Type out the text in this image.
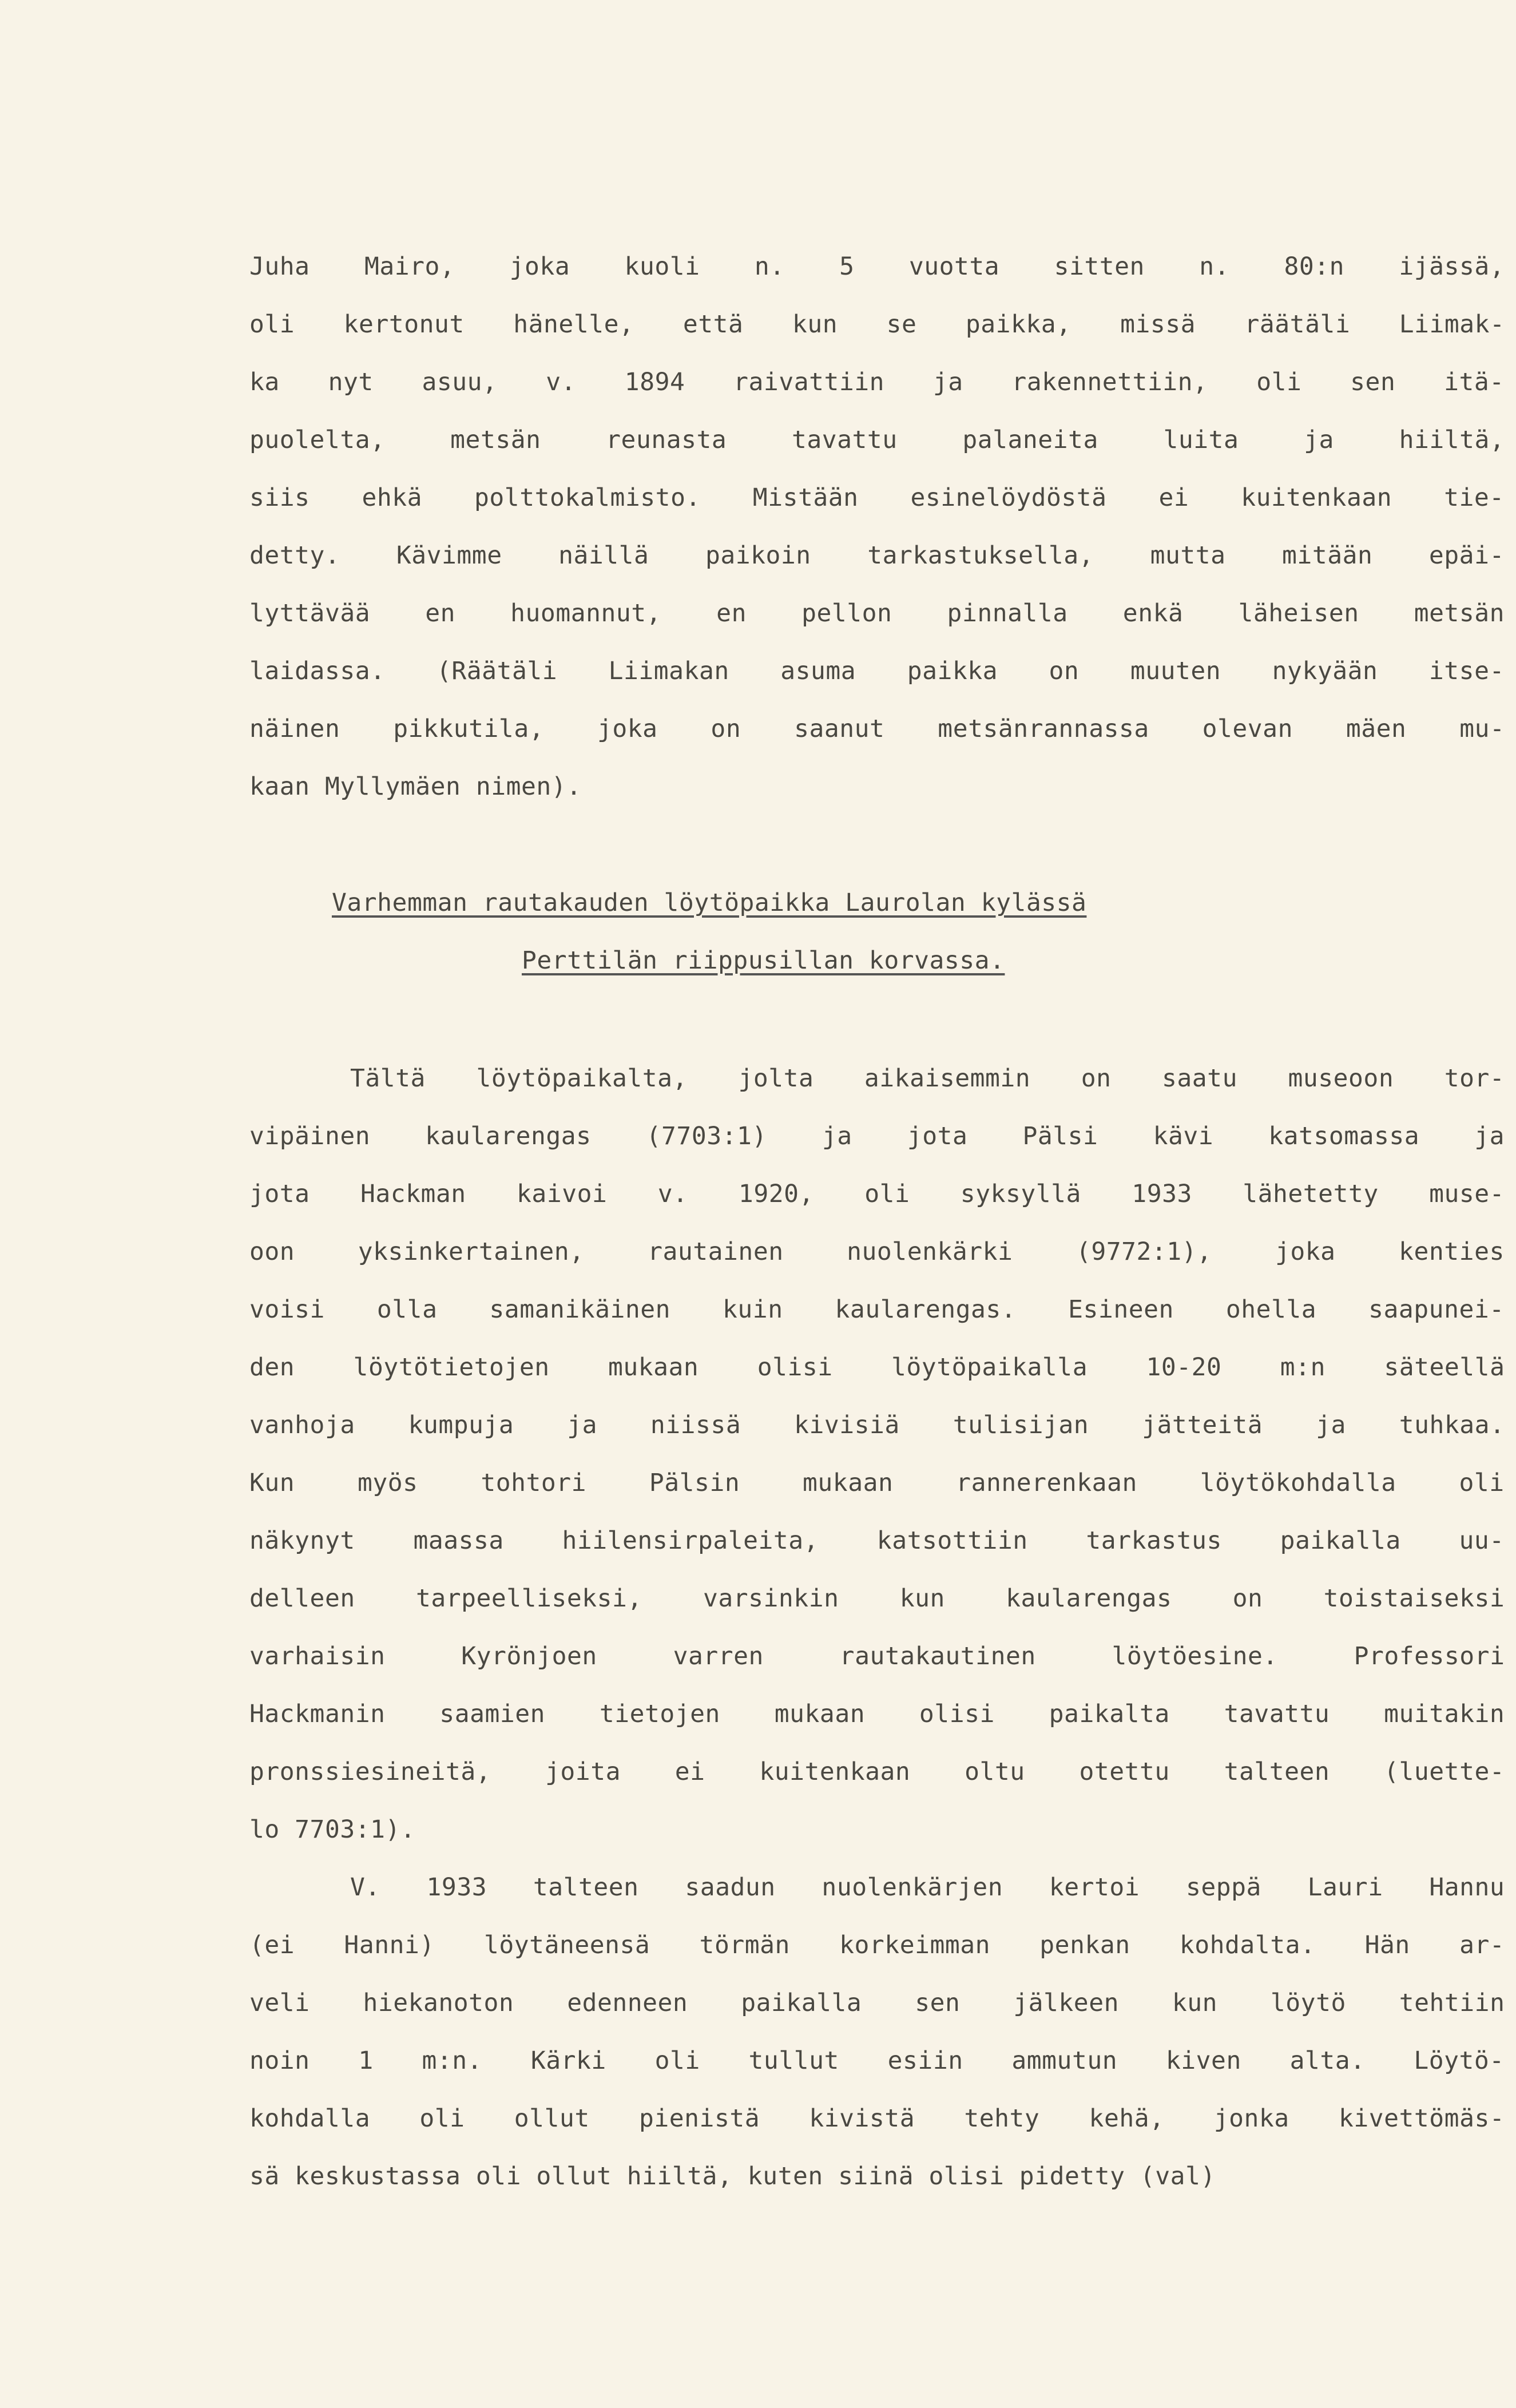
Juha Mairo, joka kuoli n. 5 vuotta sitten n. 80:n ijässä,
oli kertonut hänelle, että kun se paikka, missä räätäli Liimak-
ka nyt asuu, v. 1894 raivattiin ja rakennettiin, oli sen itä-
puolelta, metsän reunasta tavattu palaneita luita ja hiiltä,
siis ehkä polttokalmisto. Mistään esinelöydöstä ei kuitenkaan tie-
detty. Kävimme näillä paikoin tarkastuksella, mutta mitään epäi-
lyttävää en huomannut, en pellon pinnalla enkä läheisen metsän
laidassa. (Räätäli Liimakan asuma paikka on muuten nykyään itse-
näinen pikkutila, joka on saanut metsänrannassa olevan mäen mu-
kaan Myllymäen nimen).
Varhemman rautakauden löytöpaikka Laurolan kylässä
Perttilän riippusillan korvassa.
Tältä löytöpaikalta, jolta aikaisemmin on saatu museoon tor-
vipäinen kaularengas (7703:1) ja jota Pälsi kävi katsomassa ja
jota Hackman kaivoi v. 1920, oli syksyllä 1933 lähetetty muse-
oon yksinkertainen, rautainen nuolenkärki (9772:1), joka kenties
voisi olla samanikäinen kuin kaularengas. Esineen ohella saapunei-
den löytötietojen mukaan olisi löytöpaikalla 10-20 m:n säteellä
vanhoja kumpuja ja niissä kivisiä tulisijan jätteitä ja tuhkaa.
Kun myös tohtori Pälsin mukaan rannerenkaan löytökohdalla oli
näkynyt maassa hiilensirpaleita, katsottiin tarkastus paikalla uu-
delleen tarpeelliseksi, varsinkin kun kaularengas on toistaiseksi
varhaisin Kyrönjoen varren rautakautinen löytöesine. Professori
Hackmanin saamien tietojen mukaan olisi paikalta tavattu muitakin
pronssiesineitä, joita ei kuitenkaan oltu otettu talteen (luette-
lo 7703:1).
V. 1933 talteen saadun nuolenkärjen kertoi seppä Lauri Hannu
(ei Hanni) löytäneensä törmän korkeimman penkan kohdalta. Hän ar-
veli hiekanoton edenneen paikalla sen jälkeen kun löytö tehtiin
noin 1 m:n. Kärki oli tullut esiin ammutun kiven alta. Löytö-
kohdalla oli ollut pienistä kivistä tehty kehä, jonka kivettömäs-
sä keskustassa oli ollut hiiltä, kuten siinä olisi pidetty (val)
